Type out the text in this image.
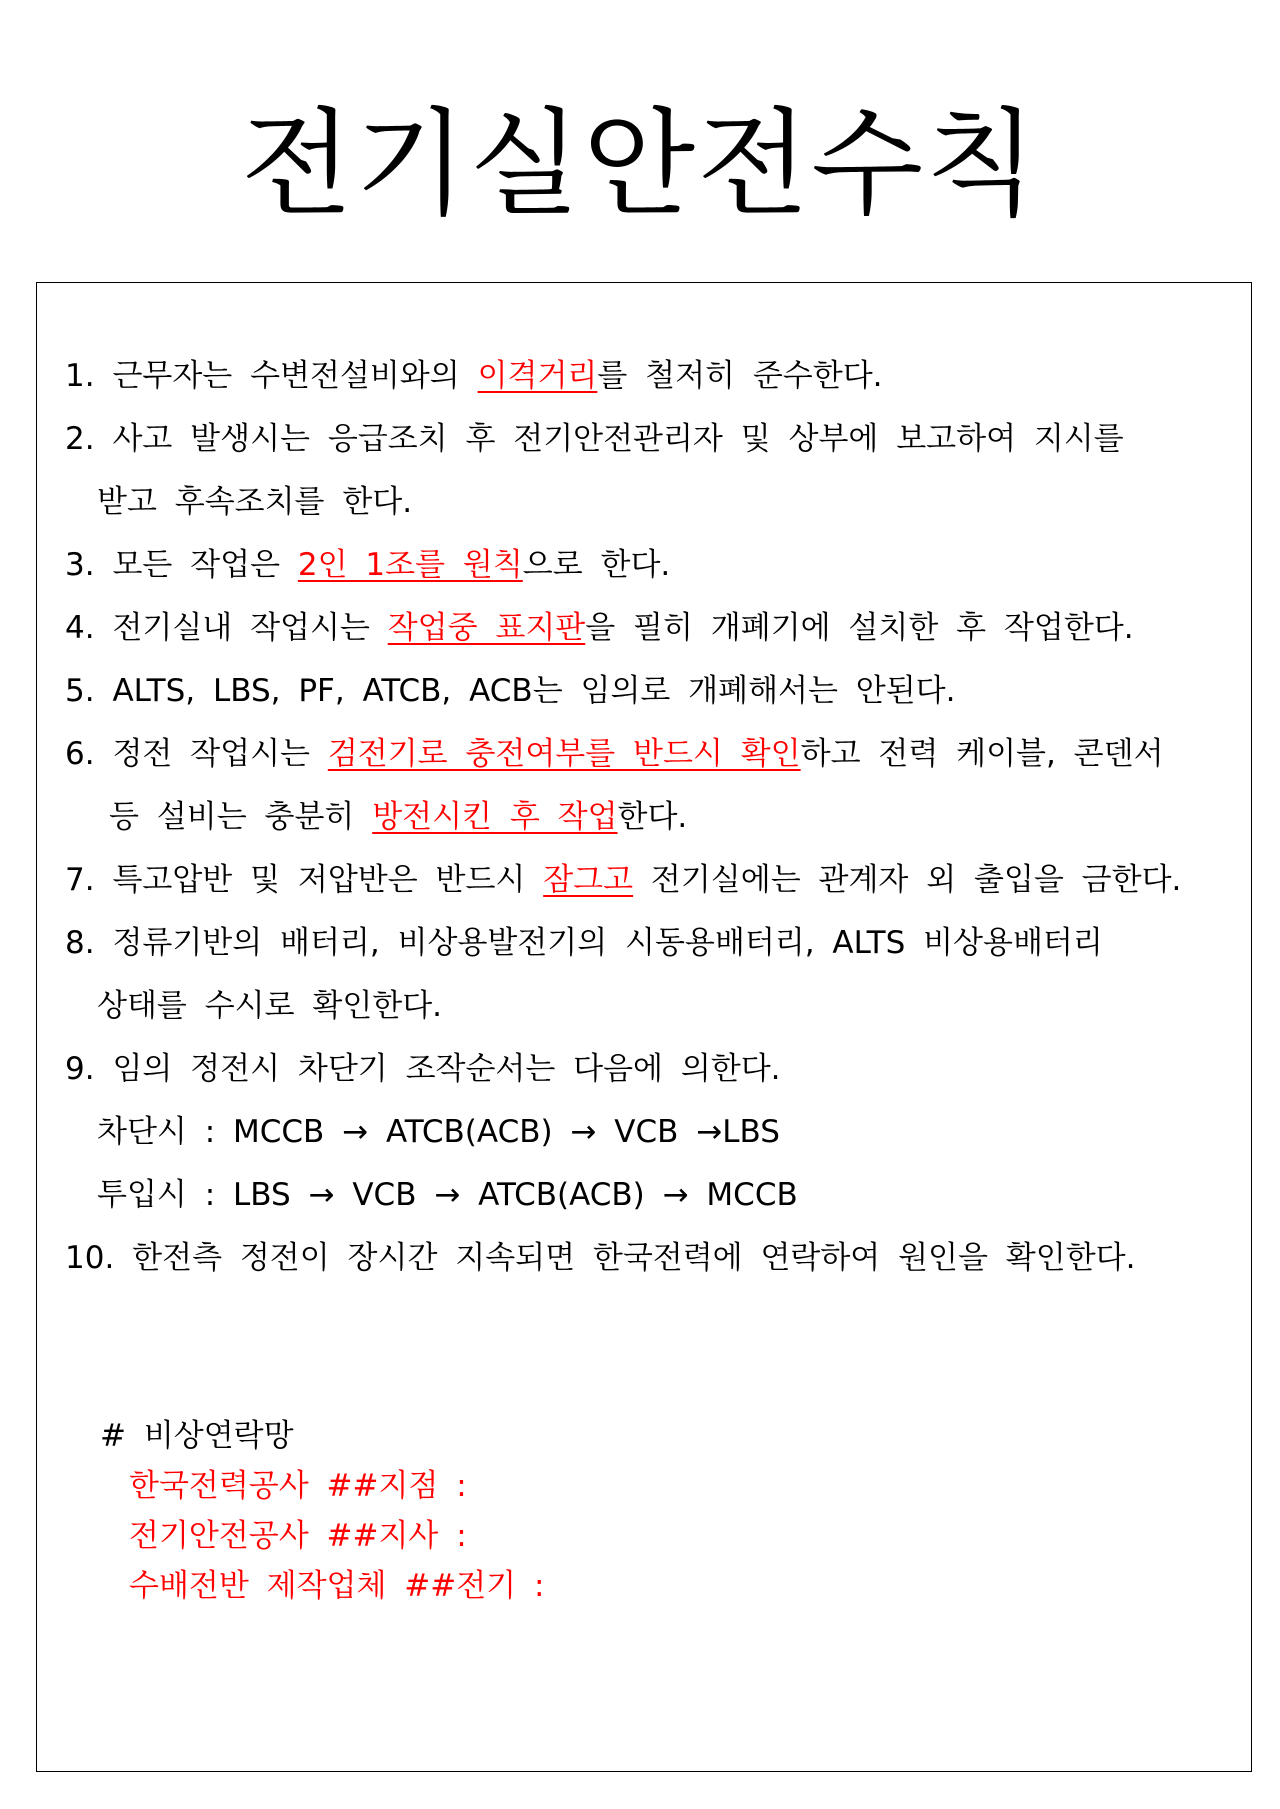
전기실안전수칙
1. 근무자는 수변전설비와의 이격거리를 철저히 준수한다.
2. 사고 발생시는 응급조치 후 전기안전관리자 및 상부에 보고하여 지시를
받고 후속조치를 한다.
3. 모든 작업은 2인 1조를 원칙으로 한다.
4. 전기실내 작업시는 작업중 표지판을 필히 개폐기에 설치한 후 작업한다.
5. ALTS, LBS, PF, ATCB, ACB는 임의로 개폐해서는 안된다.
6. 정전 작업시는 검전기로 충전여부를 반드시 확인하고 전력 케이블, 콘덴서
등 설비는 충분히 방전시킨 후 작업한다.
7. 특고압반 및 저압반은 반드시 잠그고 전기실에는 관계자 외 출입을 금한다.
8. 정류기반의 배터리, 비상용발전기의 시동용배터리, ALTS 비상용배터리
상태를 수시로 확인한다.
9. 임의 정전시 차단기 조작순서는 다음에 의한다.
차단시 : MCCB → ATCB(ACB) → VCB →LBS
투입시 : LBS → VCB → ATCB(ACB) → MCCB
10. 한전측 정전이 장시간 지속되면 한국전력에 연락하여 원인을 확인한다.
# 비상연락망
한국전력공사 ##지점 :
전기안전공사 ##지사 :
수배전반 제작업체 ##전기 :
